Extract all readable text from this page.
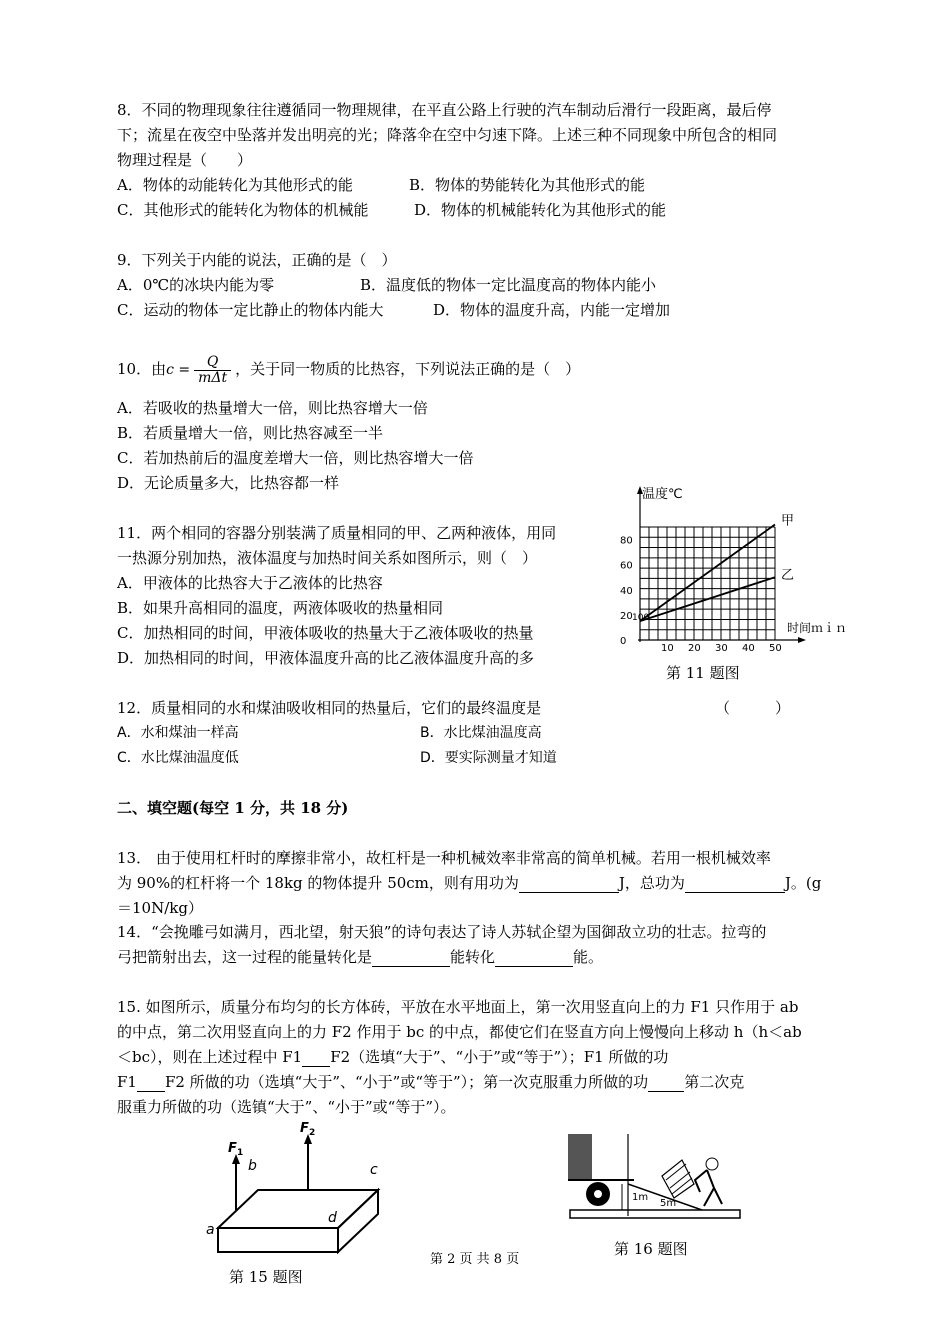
8．不同的物理现象往往遵循同一物理规律，在平直公路上行驶的汽车制动后滑行一段距离，最后停
下；流星在夜空中坠落并发出明亮的光；降落伞在空中匀速下降。上述三种不同现象中所包含的相同
物理过程是（　　）
A．物体的动能转化为其他形式的能	B．物体的势能转化为其他形式的能
C．其他形式的能转化为物体的机械能	D．物体的机械能转化为其他形式的能
9．下列关于内能的说法，正确的是（　）
A．0℃的冰块内能为零	B．温度低的物体一定比温度高的物体内能小
C．运动的物体一定比静止的物体内能大	D．物体的温度升高，内能一定增加
10．由$c = \frac{Q}{\text{mΔt}}$ ，关于同一物质的比热容，下列说法正确的是（　）
A．若吸收的热量增大一倍，则比热容增大一倍
B．若质量增大一倍，则比热容减至一半
C．若加热前后的温度差增大一倍，则比热容增大一倍
D．无论质量多大，比热容都一样
11．两个相同的容器分别装满了质量相同的甲、乙两种液体，用同
一热源分别加热，液体温度与加热时间关系如图所示，则（　）
A．甲液体的比热容大于乙液体的比热容
B．如果升高相同的温度，两液体吸收的热量相同
C．加热相同的时间，甲液体吸收的热量大于乙液体吸收的热量
D．加热相同的时间，甲液体温度升高的比乙液体温度升高的多
0
20
40
60
80
10 20 30 40 50
温度℃
时间ｍｉｎ
100
甲
乙
第 11 题图
12．质量相同的水和煤油吸收相同的热量后，它们的最终温度是	（　　　）
A．水和煤油一样高	B．水比煤油温度高
C．水比煤油温度低	D．要实际测量才知道
二、填空题(每空 1 分，共 18 分)
13． 由于使用杠杆时的摩擦非常小，故杠杆是一种机械效率非常高的简单机械。若用一根机械效率
为 90%的杠杆将一个 18kg 的物体提升 50cm，则有用功为	J，总功为	J。(g
＝10N/kg）
14．“会挽雕弓如满月，西北望，射天狼”的诗句表达了诗人苏轼企望为国御敌立功的壮志。拉弯的
弓把箭射出去，这一过程的能量转化是	能转化	能。
15. 如图所示，质量分布均匀的长方体砖，平放在水平地面上，第一次用竖直向上的力 F1 只作用于 ab
的中点，第二次用竖直向上的力 F2 作用于 bc 的中点，都使它们在竖直方向上慢慢向上移动 h（h＜ab
＜bc），则在上述过程中 F1 F2（选填“大于”、“小于”或“等于”）；F1 所做的功
F1 F2 所做的功（选填“大于”、“小于”或“等于”）；第一次克服重力所做的功 第二次克
服重力所做的功（选镇“大于”、“小于”或“等于”）。
F 1
F 2
a
b	c
d
第 15 题图
1m
5m
第 16 题图
第 2 页 共 8 页
